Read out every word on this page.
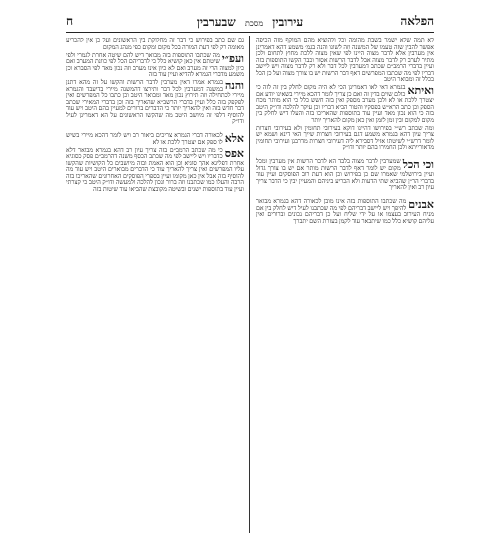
הפלאה
עירובין מסכת שבערבין
ח

לא תמה שלא ישמר בשבת מהומה וכל ולהוציא מהם המוקף מזה הכיפה אפשר להבין שזה טעמו של המשנה וזה לשונו והנה בגמ׳ משמע דהא דאמרינן אין מערבין אלא לדבר מצוה היינו לפי שאין מצוה ללכת מחוץ לתחום ולכן מתיר לערב רק לדבר מצוה אבל לדבר הרשות אסור וכבר הקשו התוספות בזה ועיין בדברי הרמב״ם שכתב דמערבין לכל דבר ולא רק לדבר מצוה ויש ליישב דבריו לפי מה שכתבו המפרשים דאף דבר הרשות יש בו צורך מצוה ועל כן הכל בכלל זה ומבואר היטב

ואיתא
בגמרא דאי לאו דאמרינן הכי לא היה מקום לחלק בין זה לזה כי כולם שוים בדין זה ואם כן צריך לומר דהכא מיירי בשאינו יודע אם יצטרך ללכת או לא ולכן מערב מספק ואין בזה חשש כלל כי הוא מותר מכח הספק וכן כתב הרא״ש בפסקיו והטור הביא דבריו וכן עיקר להלכה ודו״ק היטב בזה כי הוא נכון מאד ועיין עוד בתוספות שהאריכו בזה והעלו דיש לחלק בין מקום למקום ובין זמן לזמן ואין כאן מקום להאריך יותר

ומה שכתב רש״י בפירושו דהיינו דוקא בעירובי תחומין ולא בעירובי חצרות צריך עיון דהא בגמרא משמע דגם בעירובי חצרות שייך האי דינא ושמא יש לומר דרש״י לשיטתו אזיל דסבירא ליה דעירובי חצרות מדרבנן ועירובי תחומין מדאורייתא ולכן החמירו בהם יותר ודו״ק

וכי הכל
שמערבין לדבר מצוה בלבד הא לדבר הרשות אין מערבין ומכל מקום יש לומר דאף לדבר הרשות מותר אם יש בו צורך גדול ועיין בירושלמי שאמרו שם כן בפירוש וכן הוא דעת רוב הפוסקים ועיין עוד בדברי הר״ן שהביא שתי הדעות ולא הכריע ביניהם והמעיין יבין כי הדבר צריך עיון רב ואין להאריך

אבנים
מה שכתבו התוספות בזה אינו מובן לכאורה דהא בגמרא מבואר להיפך ויש ליישב דבריהם לפי מה שכתבנו לעיל דיש לחלק בין אם מניח העירוב בעצמו או על ידי שליח ועל כן דבריהם נכונים וברורים ואין עליהם קושיא כלל כמו שיתבאר עוד לקמן בעזרת השם יתברך

גם שם כתב בפירוש כי דבר זה מחלוקת בין הראשונים ועל כן אין להכריע מאומה רק לפי דעת המורה בכל מקום ומקום כפי מנהג המקום

ועפ״י
מה שכתבו התוספות בזה מבואר דיש להם שיטה אחרת לגמרי ולפי שיטתם אין כאן קושיא כלל כי לדבריהם הכל לפי כוונת המערב ואם כיון למצוה הרי זה מערב ואם לא כיון אינו מערב וזה נכון מאד לפי הסברא וכן משמע מדברי הגמרא להדיא ועיין עוד בזה

והנה
בגמרא אמרו דאין מערבין לדבר הרשות והקשו על זה מהא דתנן במשנה דמערבין לכל דבר ותירצו דהמשנה מיירי בדיעבד והגמרא מיירי לכתחילה וזה תירוץ נכון מאד ומבואר היטב וכן כתבו כל המפרשים ואין לפקפק בזה כלל ועיין בדברי הרשב״א שהאריך בזה וכן בדברי המאירי שכתב דבר חדש בזה ואין להאריך יותר כי הדברים ברורים למעיין בהם היטב ויש עוד להוסיף דלפי זה מיושב היטב מה שהקשו הראשונים על הא דאמרינן לעיל ודו״ק

אלא
לכאורה דברי הגמרא צריכים ביאור רב ויש לומר דהכא מיירי בשיש לו ספק אם יצטרך ללכת או לא

אפס
כי מה שכתב הרמב״ם בזה צריך עיון רב דהא בגמרא מבואר דלא כדבריו ויש ליישב לפי מה שכתב הכסף משנה דהרמב״ם פסק כסוגיא אחרת דפליגא אהך סוגיא וכן הוא האמת ובזה מיושבים כל הקושיות שהקשו עליו המפרשים ואין צריך להאריך עוד כי הדברים מבוארים היטב ויש עוד מה להוסיף בזה אבל אין כאן מקומו ועיין בספרי הפוסקים האחרונים שהאריכו בזה הרבה והעלו כמו שכתבנו וזה ברור ונכון להלכה ולמעשה ודו״ק היטב כי קצרתי ועיין עוד בתוספות ישנים ובשיטה מקובצת שהביאו עוד שיטות בזה
